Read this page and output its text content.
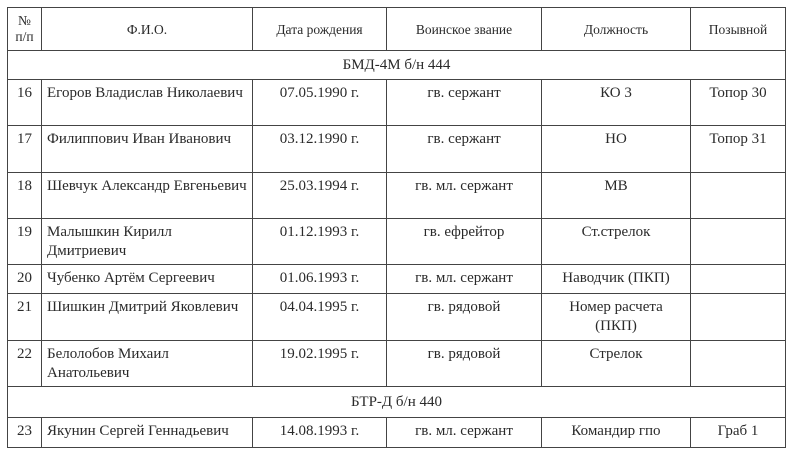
№ п/п	Ф.И.О.	Дата рождения	Воинское звание	Должность	Позывной
БМД-4М б/н 444					
16	Егоров Владислав Николаевич	07.05.1990 г.	гв. сержант	КО 3	Топор 30
17	Филиппович Иван Иванович	03.12.1990 г.	гв. сержант	НО	Топор 31
18	Шевчук Александр Евгеньевич	25.03.1994 г.	гв. мл. сержант	МВ	
19	Малышкин Кирилл Дмитриевич	01.12.1993 г.	гв. ефрейтор	Ст.стрелок	
20	Чубенко Артём Сергеевич	01.06.1993 г.	гв. мл. сержант	Наводчик (ПКП)	
21	Шишкин Дмитрий Яковлевич	04.04.1995 г.	гв. рядовой	Номер расчета (ПКП)	
22	Белолобов Михаил Анатольевич	19.02.1995 г.	гв. рядовой	Стрелок	
БТР-Д б/н 440					
23	Якунин Сергей Геннадьевич	14.08.1993 г.	гв. мл. сержант	Командир гпо	Граб 1
